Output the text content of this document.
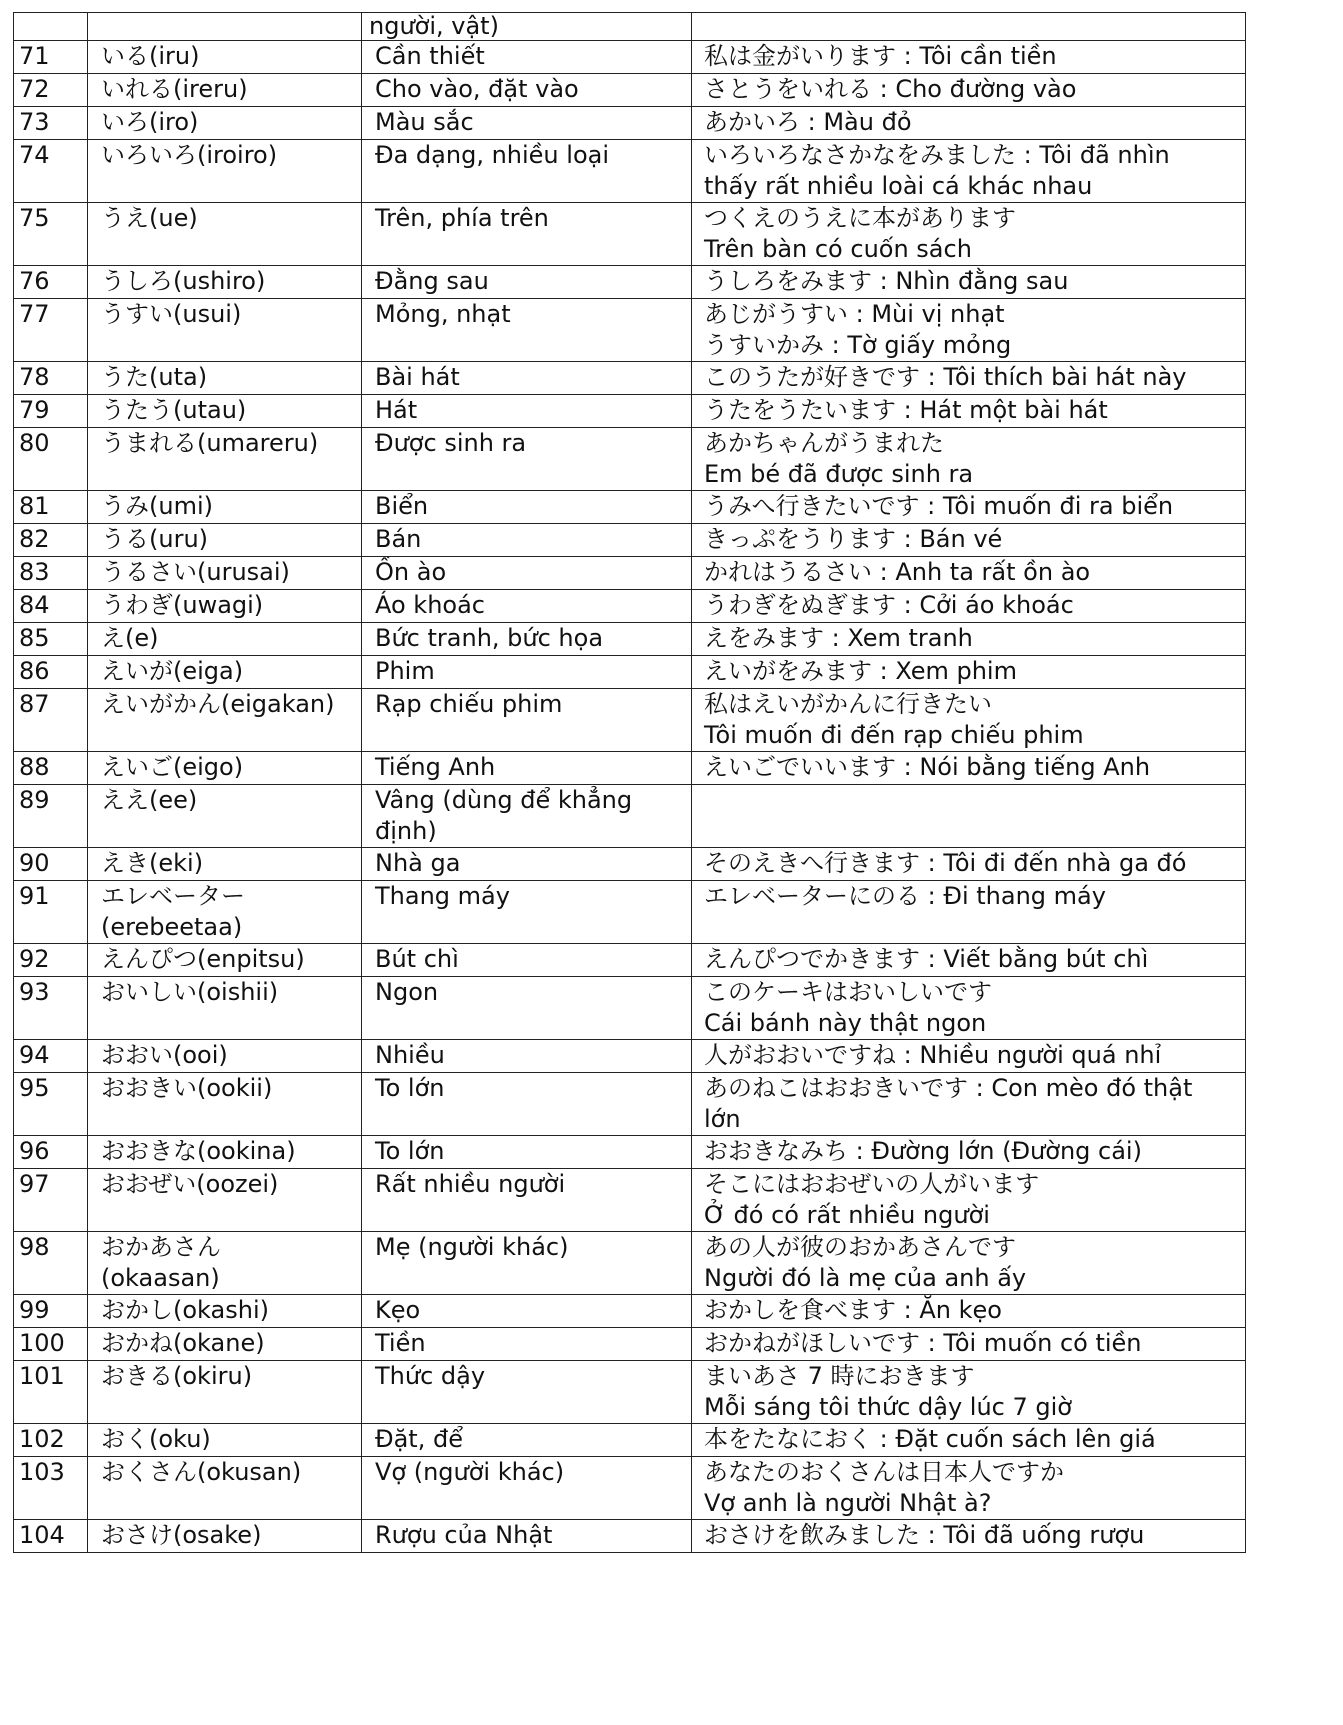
		người, vật)	
71	いる(iru)	Cần thiết	私は金がいります : Tôi cần tiền
72	いれる(ireru)	Cho vào, đặt vào	さとうをいれる : Cho đường vào
73	いろ(iro)	Màu sắc	あかいろ : Màu đỏ
74	いろいろ(iroiro)	Đa dạng, nhiều loại	いろいろなさかなをみました : Tôi đã nhìn
thấy rất nhiều loài cá khác nhau
75	うえ(ue)	Trên, phía trên	つくえのうえに本があります
Trên bàn có cuốn sách
76	うしろ(ushiro)	Đằng sau	うしろをみます : Nhìn đằng sau
77	うすい(usui)	Mỏng, nhạt	あじがうすい : Mùi vị nhạt
うすいかみ : Tờ giấy mỏng
78	うた(uta)	Bài hát	このうたが好きです : Tôi thích bài hát này
79	うたう(utau)	Hát	うたをうたいます : Hát một bài hát
80	うまれる(umareru)	Được sinh ra	あかちゃんがうまれた
Em bé đã được sinh ra
81	うみ(umi)	Biển	うみへ行きたいです : Tôi muốn đi ra biển
82	うる(uru)	Bán	きっぷをうります : Bán vé
83	うるさい(urusai)	Ồn ào	かれはうるさい : Anh ta rất ồn ào
84	うわぎ(uwagi)	Áo khoác	うわぎをぬぎます : Cởi áo khoác
85	え(e)	Bức tranh, bức họa	えをみます : Xem tranh
86	えいが(eiga)	Phim	えいがをみます : Xem phim
87	えいがかん(eigakan)	Rạp chiếu phim	私はえいがかんに行きたい
Tôi muốn đi đến rạp chiếu phim
88	えいご(eigo)	Tiếng Anh	えいごでいいます : Nói bằng tiếng Anh
89	ええ(ee)	Vâng (dùng để khẳng
định)	
90	えき(eki)	Nhà ga	そのえきへ行きます : Tôi đi đến nhà ga đó
91	エレベーター
(erebeetaa)	Thang máy	エレベーターにのる : Đi thang máy
92	えんぴつ(enpitsu)	Bút chì	えんぴつでかきます : Viết bằng bút chì
93	おいしい(oishii)	Ngon	このケーキはおいしいです
Cái bánh này thật ngon
94	おおい(ooi)	Nhiều	人がおおいですね : Nhiều người quá nhỉ
95	おおきい(ookii)	To lớn	あのねこはおおきいです : Con mèo đó thật
lớn
96	おおきな(ookina)	To lớn	おおきなみち : Đường lớn (Đường cái)
97	おおぜい(oozei)	Rất nhiều người	そこにはおおぜいの人がいます
Ở đó có rất nhiều người
98	おかあさん
(okaasan)	Mẹ (người khác)	あの人が彼のおかあさんです
Người đó là mẹ của anh ấy
99	おかし(okashi)	Kẹo	おかしを食べます : Ăn kẹo
100	おかね(okane)	Tiền	おかねがほしいです : Tôi muốn có tiền
101	おきる(okiru)	Thức dậy	まいあさ 7 時におきます
Mỗi sáng tôi thức dậy lúc 7 giờ
102	おく(oku)	Đặt, để	本をたなにおく : Đặt cuốn sách lên giá
103	おくさん(okusan)	Vợ (người khác)	あなたのおくさんは日本人ですか
Vợ anh là người Nhật à?
104	おさけ(osake)	Rượu của Nhật	おさけを飲みました : Tôi đã uống rượu
